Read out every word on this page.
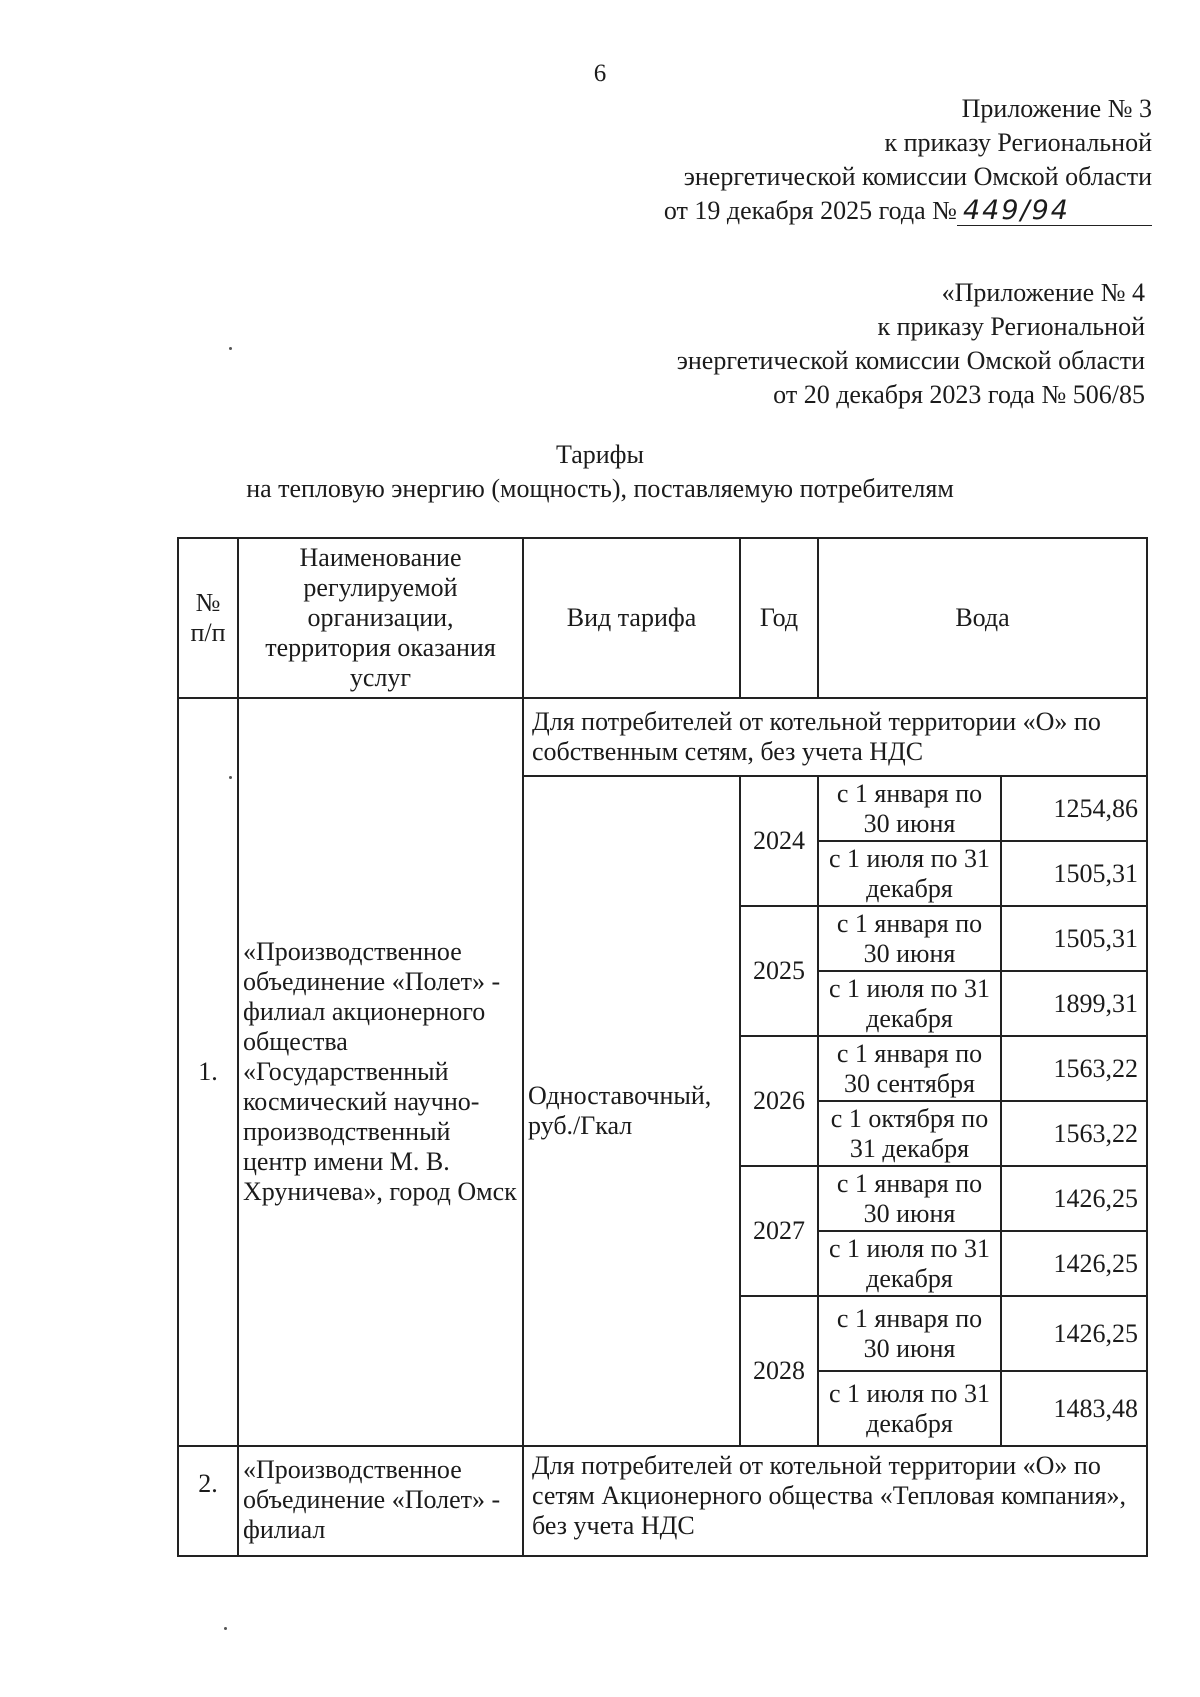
6
Приложение № 3
к приказу Региональной
энергетической комиссии Омской области
от 19 декабря 2025 года № 449/94
«Приложение № 4
к приказу Региональной
энергетической комиссии Омской области
от 20 декабря 2023 года № 506/85
Тарифы
на тепловую энергию (мощность), поставляемую потребителям
№ п/п	Наименование регулируемой организации, территория оказания услуг	Вид тарифа	Год	Вода	
1.	«Производственное объединение «Полет» - филиал акционерного общества «Государственный космический научно-производственный центр имени М. В. Хруничева», город Омск	Для потребителей от котельной территории «О» по собственным сетям, без учета НДС			
		Одноставочный, руб./Гкал	2024	с 1 января по 30 июня	1254,86
				с 1 июля по 31 декабря	1505,31
			2025	с 1 января по 30 июня	1505,31
				с 1 июля по 31 декабря	1899,31
			2026	с 1 января по 30 сентября	1563,22
				с 1 октября по 31 декабря	1563,22
			2027	с 1 января по 30 июня	1426,25
				с 1 июля по 31 декабря	1426,25
			2028	с 1 января по 30 июня	1426,25
				с 1 июля по 31 декабря	1483,48
2.	«Производственное объединение «Полет» - филиал	Для потребителей от котельной территории «О» по сетям Акционерного общества «Тепловая компания», без учета НДС			
